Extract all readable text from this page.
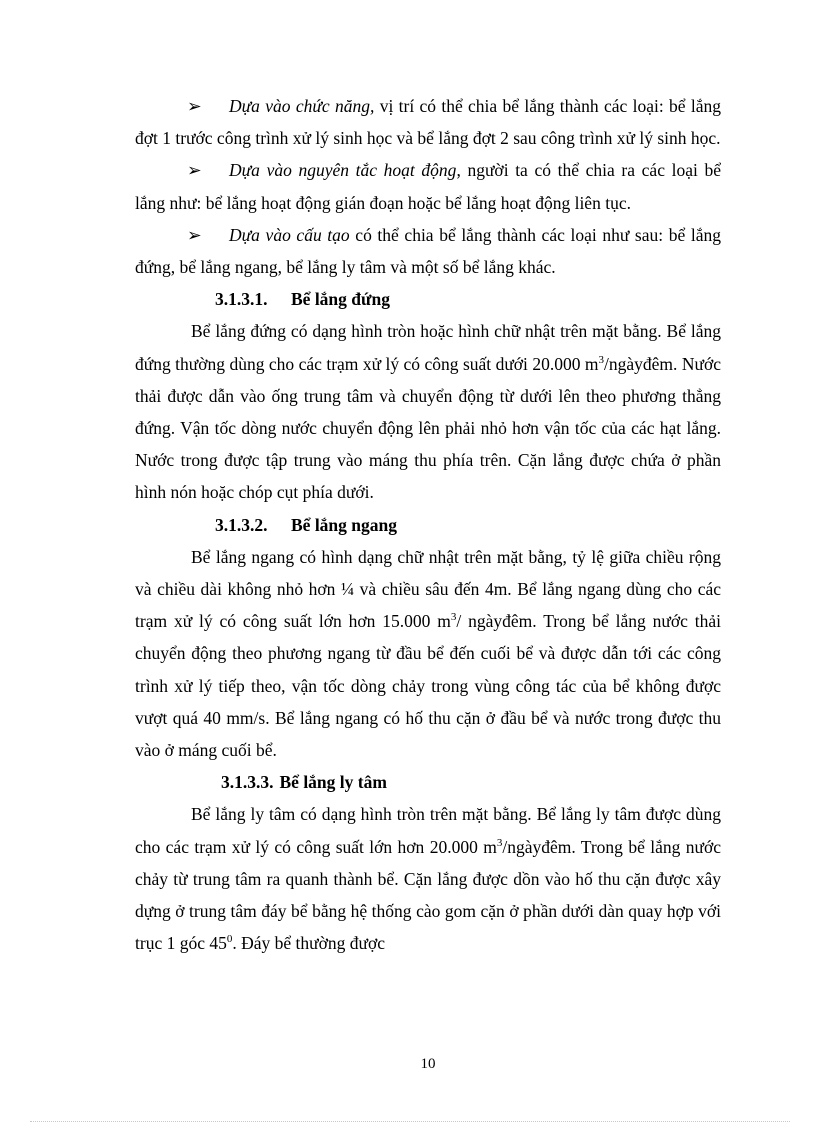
➢ Dựa vào chức năng, vị trí có thể chia bể lắng thành các loại: bể lắng đợt 1 trước công trình xử lý sinh học và bể lắng đợt 2 sau công trình xử lý sinh học.

➢ Dựa vào nguyên tắc hoạt động, người ta có thể chia ra các loại bể lắng như: bể lắng hoạt động gián đoạn hoặc bể lắng hoạt động liên tục.

➢ Dựa vào cấu tạo có thể chia bể lắng thành các loại như sau: bể lắng đứng, bể lắng ngang, bể lắng ly tâm và một số bể lắng khác.

3.1.3.1. Bể lắng đứng

Bể lắng đứng có dạng hình tròn hoặc hình chữ nhật trên mặt bằng. Bể lắng đứng thường dùng cho các trạm xử lý có công suất dưới 20.000 $m^3$/ngàyđêm. Nước thải được dẫn vào ống trung tâm và chuyển động từ dưới lên theo phương thẳng đứng. Vận tốc dòng nước chuyển động lên phải nhỏ hơn vận tốc của các hạt lắng. Nước trong được tập trung vào máng thu phía trên. Cặn lắng được chứa ở phần hình nón hoặc chóp cụt phía dưới.

3.1.3.2. Bể lắng ngang

Bể lắng ngang có hình dạng chữ nhật trên mặt bằng, tỷ lệ giữa chiều rộng và chiều dài không nhỏ hơn ¼ và chiều sâu đến 4m. Bể lắng ngang dùng cho các trạm xử lý có công suất lớn hơn 15.000 $m^3/$ ngàyđêm. Trong bể lắng nước thải chuyển động theo phương ngang từ đầu bể đến cuối bể và được dẫn tới các công trình xử lý tiếp theo, vận tốc dòng chảy trong vùng công tác của bể không được vượt quá 40 mm/s. Bể lắng ngang có hố thu cặn ở đầu bể và nước trong được thu vào ở máng cuối bể.

3.1.3.3. Bể lắng ly tâm

Bể lắng ly tâm có dạng hình tròn trên mặt bằng. Bể lắng ly tâm được dùng cho các trạm xử lý có công suất lớn hơn 20.000 $m^3$/ngàyđêm. Trong bể lắng nước chảy từ trung tâm ra quanh thành bể. Cặn lắng được dồn vào hố thu cặn được xây dựng ở trung tâm đáy bể bằng hệ thống cào gom cặn ở phần dưới dàn quay hợp với trục 1 góc $45^0$. Đáy bể thường được

10
